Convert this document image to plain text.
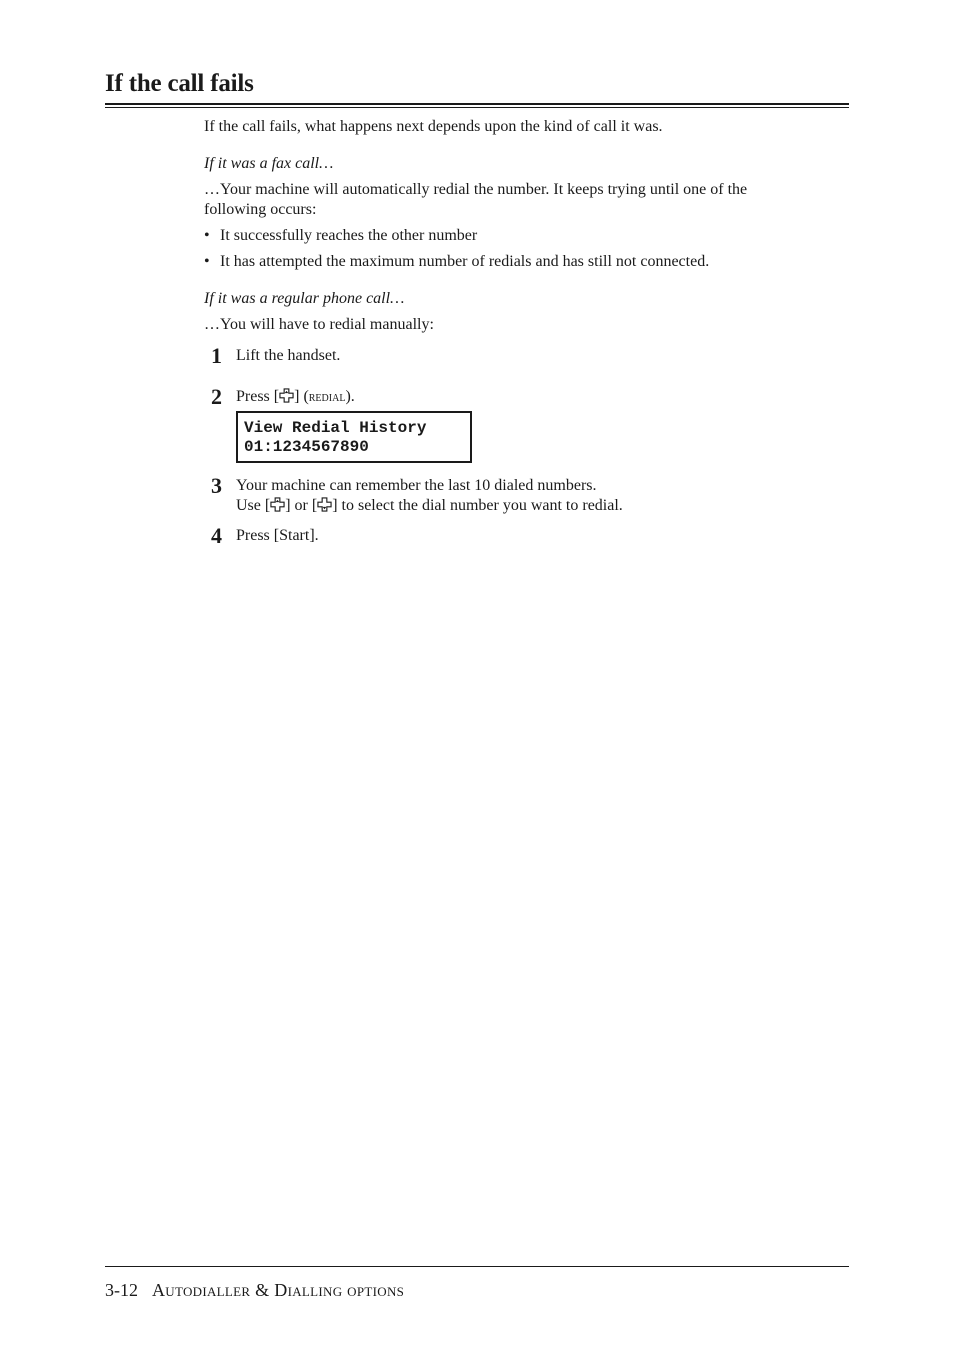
If the call fails

If the call fails, what happens next depends upon the kind of call it was.

If it was a fax call…

…Your machine will automatically redial the number. It keeps trying until one of the

following occurs:

• It successfully reaches the other number
• It has attempted the maximum number of redials and has still not connected.

If it was a regular phone call…

…You will have to redial manually:

1 Lift the handset.
2 Press [ ] (redial).
View Redial History
01:1234567890
3 Your machine can remember the last 10 dialed numbers.
Use [ ] or [ ] to select the dial number you want to redial.
4 Press [Start].
3-12 Autodialler & Dialling options
